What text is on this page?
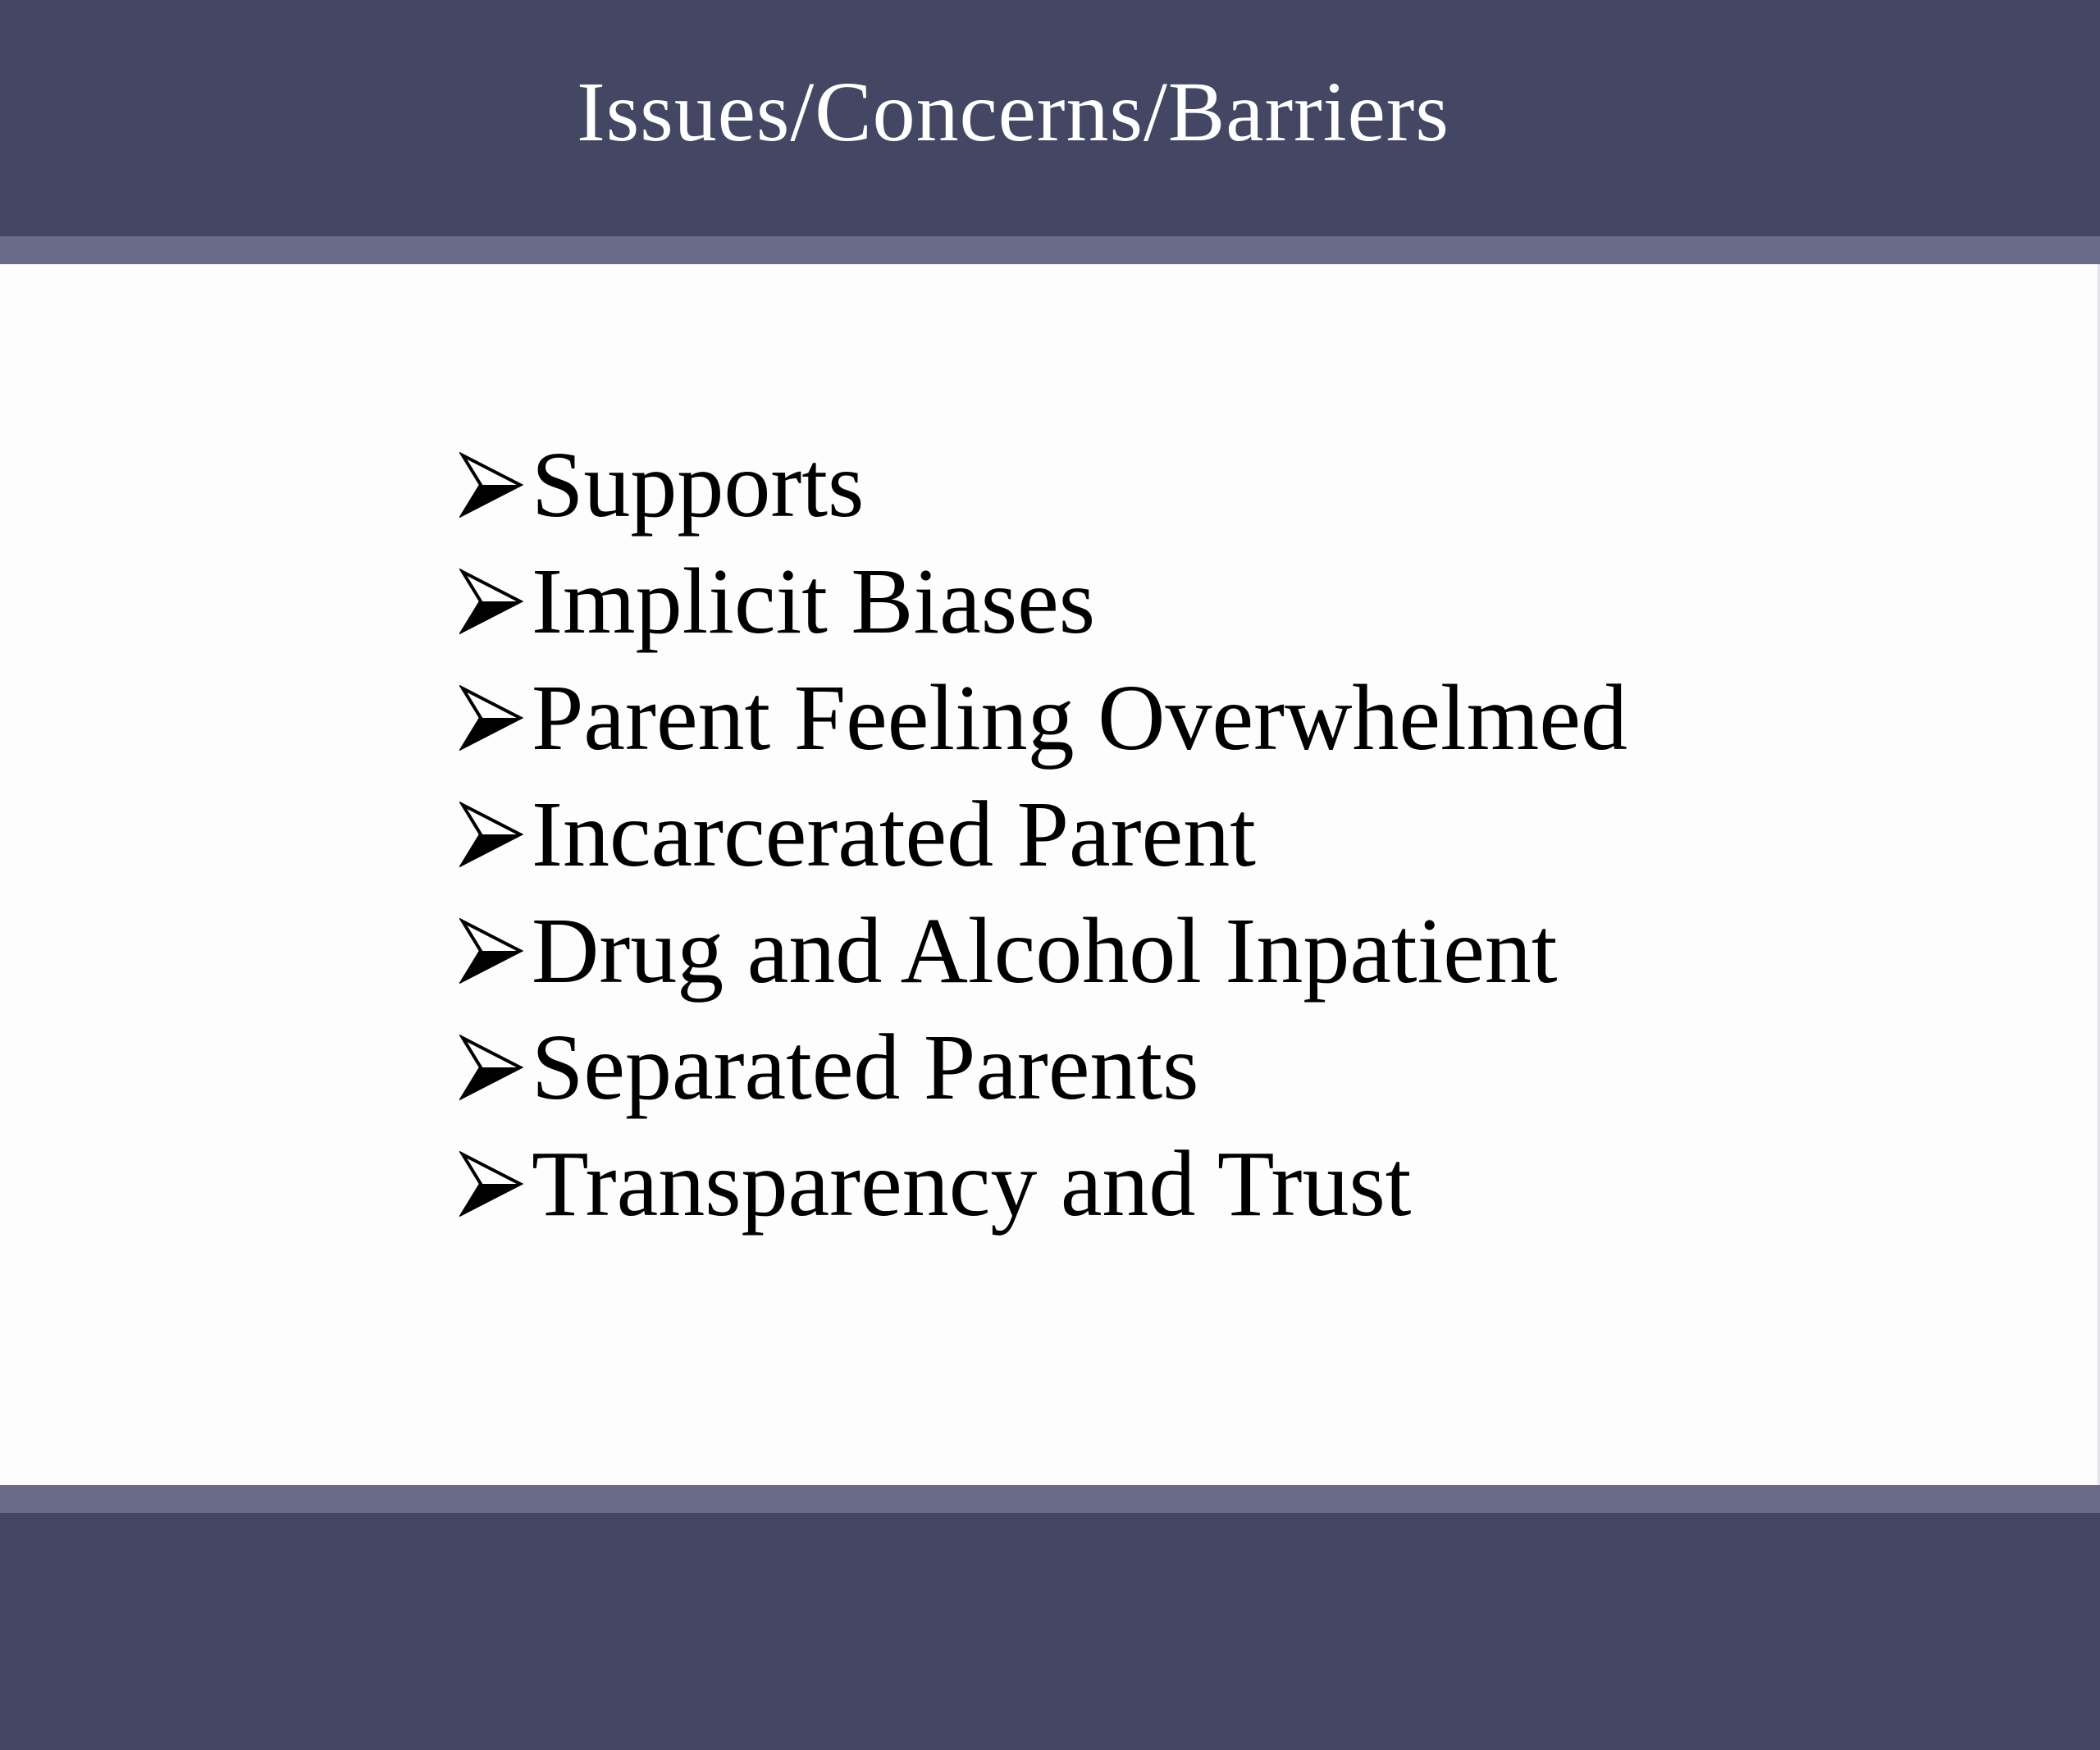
Issues/Concerns/Barriers
Supports
Implicit Biases
Parent Feeling Overwhelmed
Incarcerated Parent
Drug and Alcohol Inpatient
Separated Parents
Transparency and Trust
